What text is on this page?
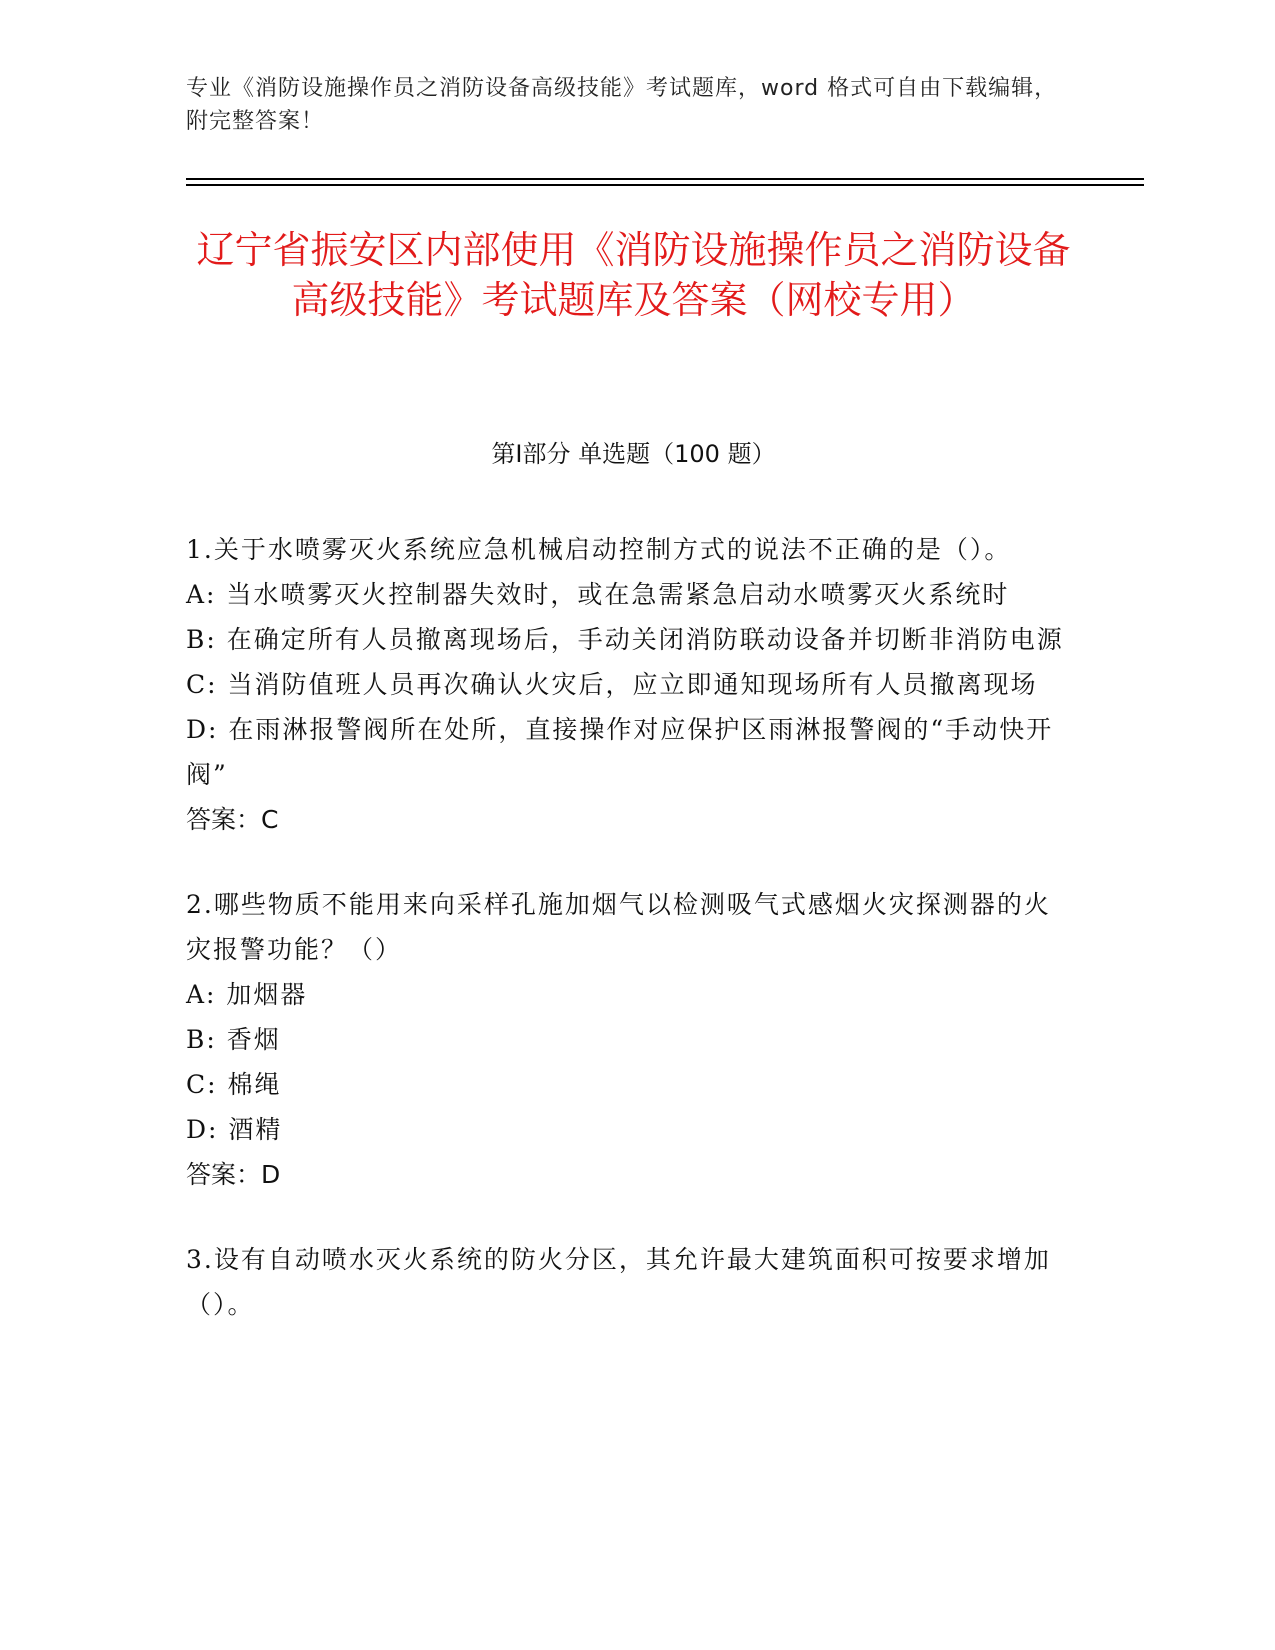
专业《消防设施操作员之消防设备高级技能》考试题库，word 格式可自由下载编辑，附完整答案！
辽宁省振安区内部使用《消防设施操作员之消防设备高级技能》考试题库及答案（网校专用）
第Ⅰ部分 单选题（100 题）
1.关于水喷雾灭火系统应急机械启动控制方式的说法不正确的是（）。
A: 当水喷雾灭火控制器失效时，或在急需紧急启动水喷雾灭火系统时
B: 在确定所有人员撤离现场后，手动关闭消防联动设备并切断非消防电源
C: 当消防值班人员再次确认火灾后，应立即通知现场所有人员撤离现场
D: 在雨淋报警阀所在处所，直接操作对应保护区雨淋报警阀的“手动快开阀”
答案：C
2.哪些物质不能用来向采样孔施加烟气以检测吸气式感烟火灾探测器的火灾报警功能？（）
A: 加烟器
B: 香烟
C: 棉绳
D: 酒精
答案：D
3.设有自动喷水灭火系统的防火分区，其允许最大建筑面积可按要求增加（）。
